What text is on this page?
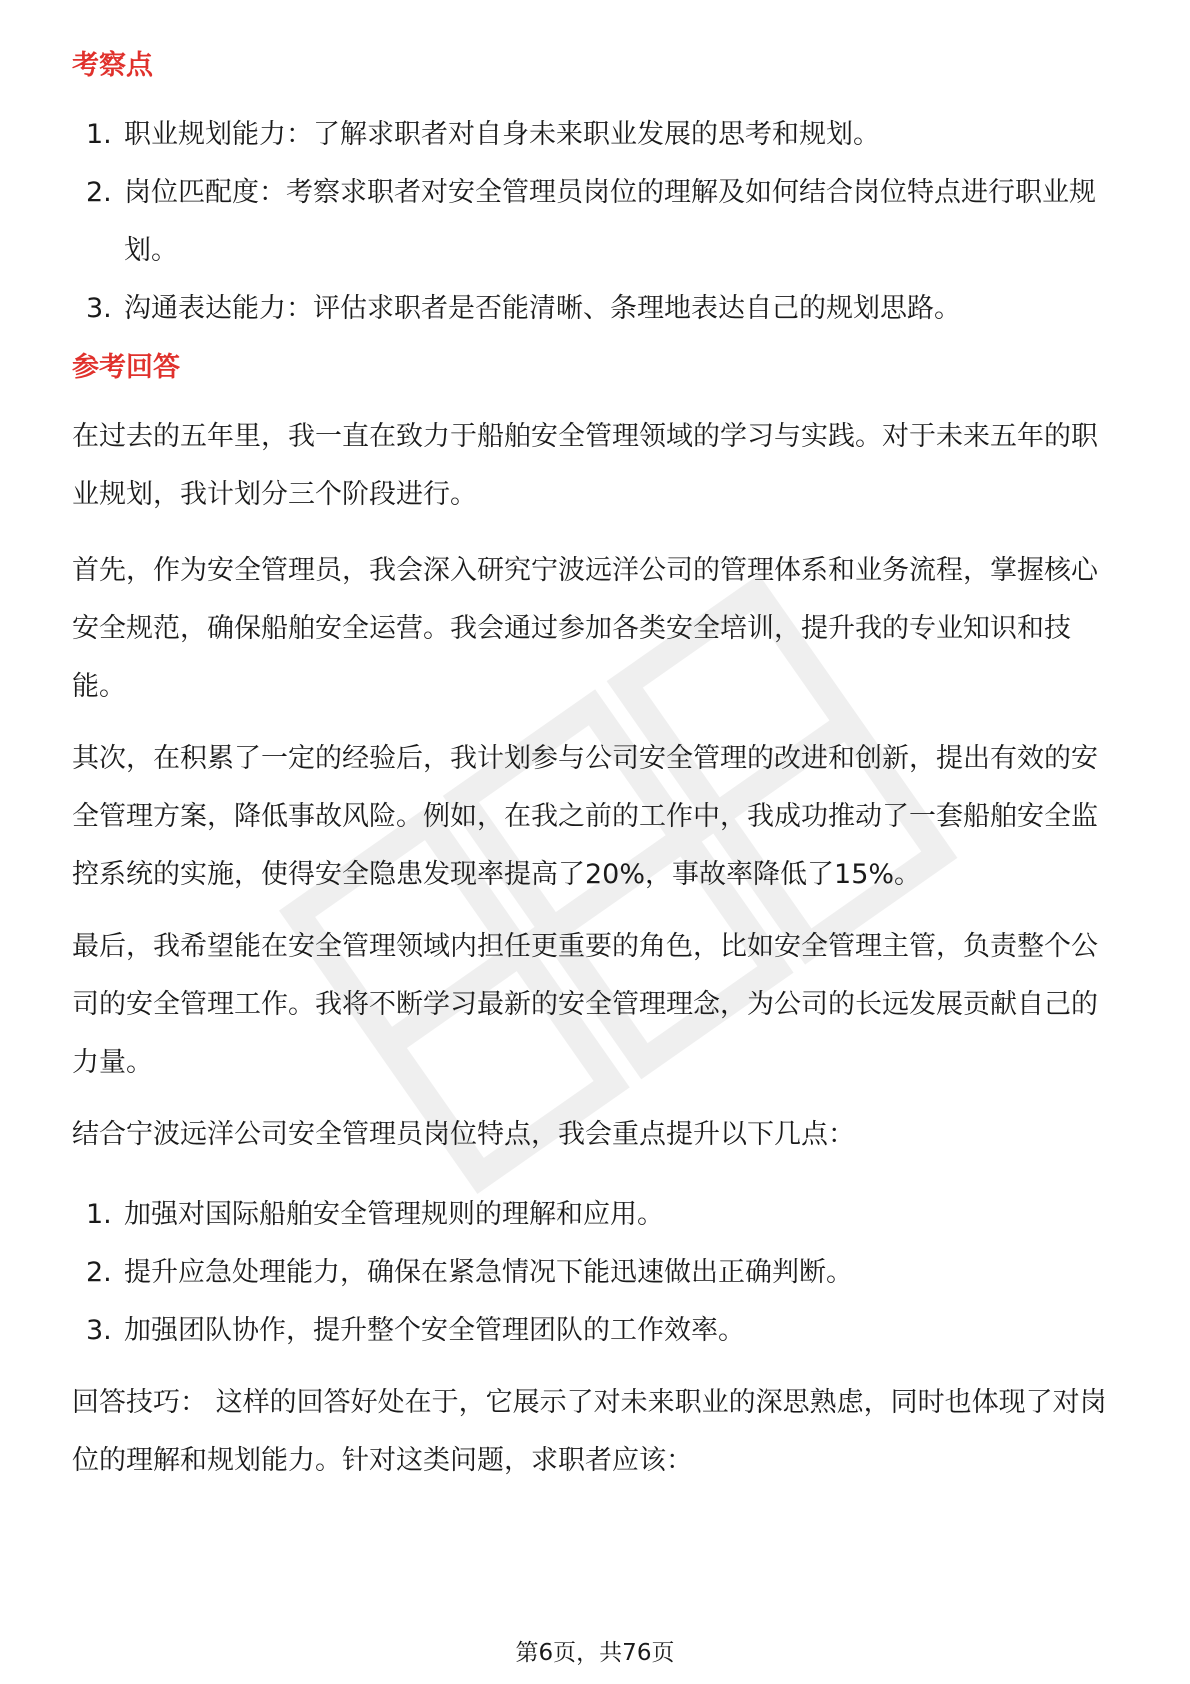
考察点
1. 职业规划能力：了解求职者对自身未来职业发展的思考和规划。
2. 岗位匹配度：考察求职者对安全管理员岗位的理解及如何结合岗位特点进行职业规划。
3. 沟通表达能力：评估求职者是否能清晰、条理地表达自己的规划思路。
参考回答

在过去的五年里，我一直在致力于船舶安全管理领域的学习与实践。对于未来五年的职业规划，我计划分三个阶段进行。

首先，作为安全管理员，我会深入研究宁波远洋公司的管理体系和业务流程，掌握核心安全规范，确保船舶安全运营。我会通过参加各类安全培训，提升我的专业知识和技能。

其次，在积累了一定的经验后，我计划参与公司安全管理的改进和创新，提出有效的安全管理方案，降低事故风险。例如，在我之前的工作中，我成功推动了一套船舶安全监控系统的实施，使得安全隐患发现率提高了20%，事故率降低了15%。

最后，我希望能在安全管理领域内担任更重要的角色，比如安全管理主管，负责整个公司的安全管理工作。我将不断学习最新的安全管理理念，为公司的长远发展贡献自己的力量。

结合宁波远洋公司安全管理员岗位特点，我会重点提升以下几点：

1. 加强对国际船舶安全管理规则的理解和应用。
2. 提升应急处理能力，确保在紧急情况下能迅速做出正确判断。
3. 加强团队协作，提升整个安全管理团队的工作效率。

回答技巧： 这样的回答好处在于，它展示了对未来职业的深思熟虑，同时也体现了对岗位的理解和规划能力。针对这类问题，求职者应该：

第6页，共76页
